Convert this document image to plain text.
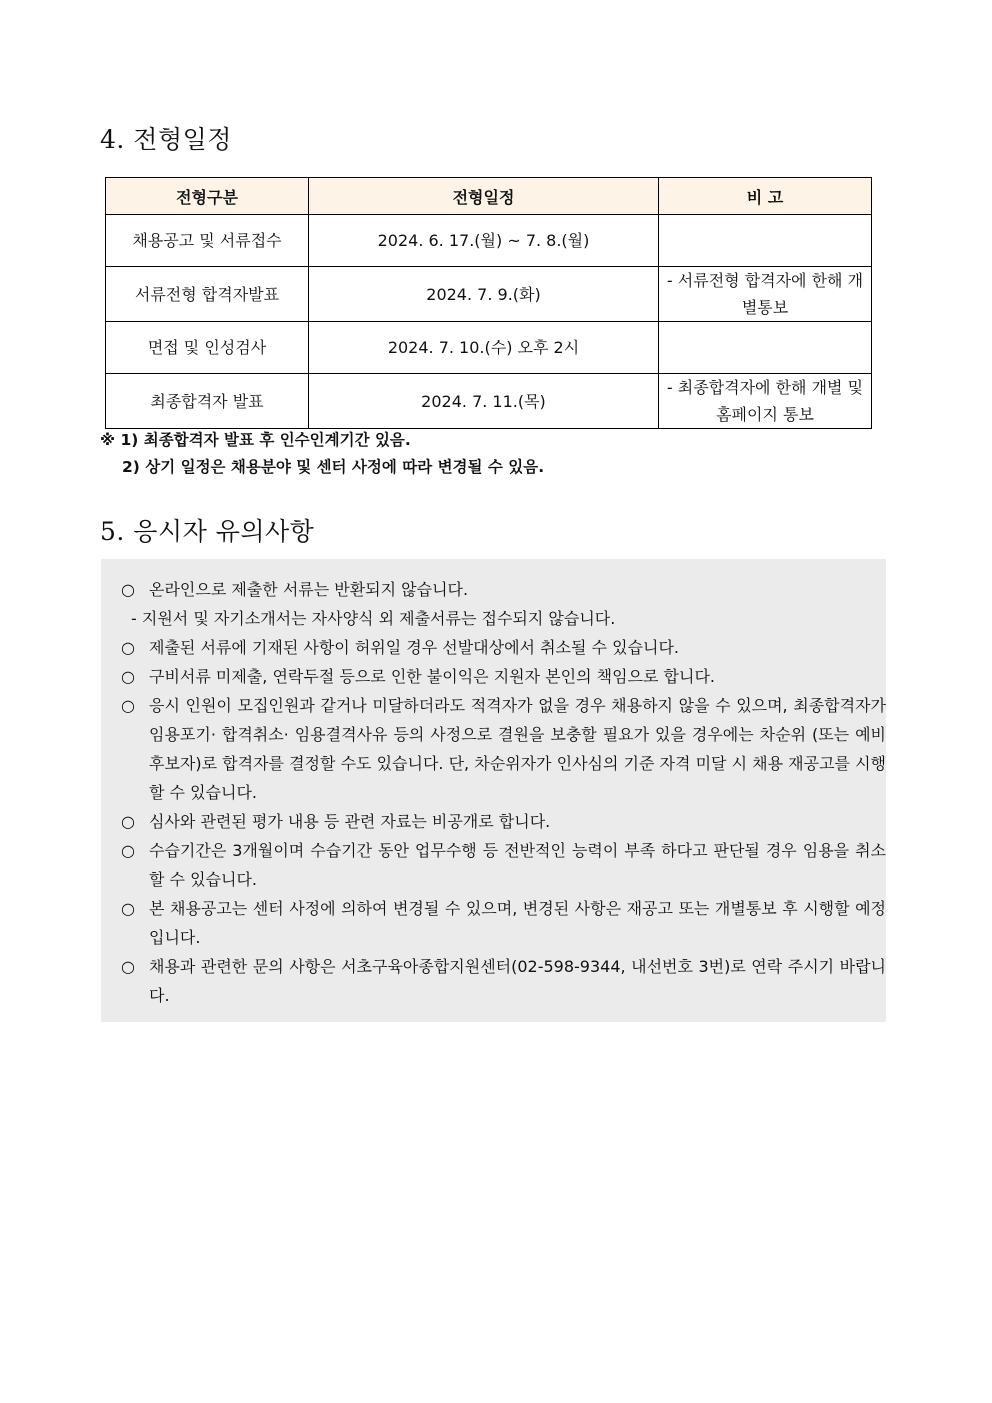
4. 전형일정
전형구분	전형일정	비 고
채용공고 및 서류접수	2024. 6. 17.(월) ~ 7. 8.(월)	
서류전형 합격자발표	2024. 7. 9.(화)	- 서류전형 합격자에 한해 개별통보
면접 및 인성검사	2024. 7. 10.(수) 오후 2시	
최종합격자 발표	2024. 7. 11.(목)	- 최종합격자에 한해 개별 및 홈페이지 통보
※ 1) 최종합격자 발표 후 인수인계기간 있음.
2) 상기 일정은 채용분야 및 센터 사정에 따라 변경될 수 있음.
5. 응시자 유의사항
○ 온라인으로 제출한 서류는 반환되지 않습니다.
- 지원서 및 자기소개서는 자사양식 외 제출서류는 접수되지 않습니다.
○ 제출된 서류에 기재된 사항이 허위일 경우 선발대상에서 취소될 수 있습니다.
○ 구비서류 미제출, 연락두절 등으로 인한 불이익은 지원자 본인의 책임으로 합니다.
○ 응시 인원이 모집인원과 같거나 미달하더라도 적격자가 없을 경우 채용하지 않을 수 있으며, 최종합격자가 임용포기· 합격취소· 임용결격사유 등의 사정으로 결원을 보충할 필요가 있을 경우에는 차순위 (또는 예비후보자)로 합격자를 결정할 수도 있습니다. 단, 차순위자가 인사심의 기준 자격 미달 시 채용 재공고를 시행할 수 있습니다.
○ 심사와 관련된 평가 내용 등 관련 자료는 비공개로 합니다.
○ 수습기간은 3개월이며 수습기간 동안 업무수행 등 전반적인 능력이 부족 하다고 판단될 경우 임용을 취소할 수 있습니다.
○ 본 채용공고는 센터 사정에 의하여 변경될 수 있으며, 변경된 사항은 재공고 또는 개별통보 후 시행할 예정입니다.
○ 채용과 관련한 문의 사항은 서초구육아종합지원센터(02-598-9344, 내선번호 3번)로 연락 주시기 바랍니다.
